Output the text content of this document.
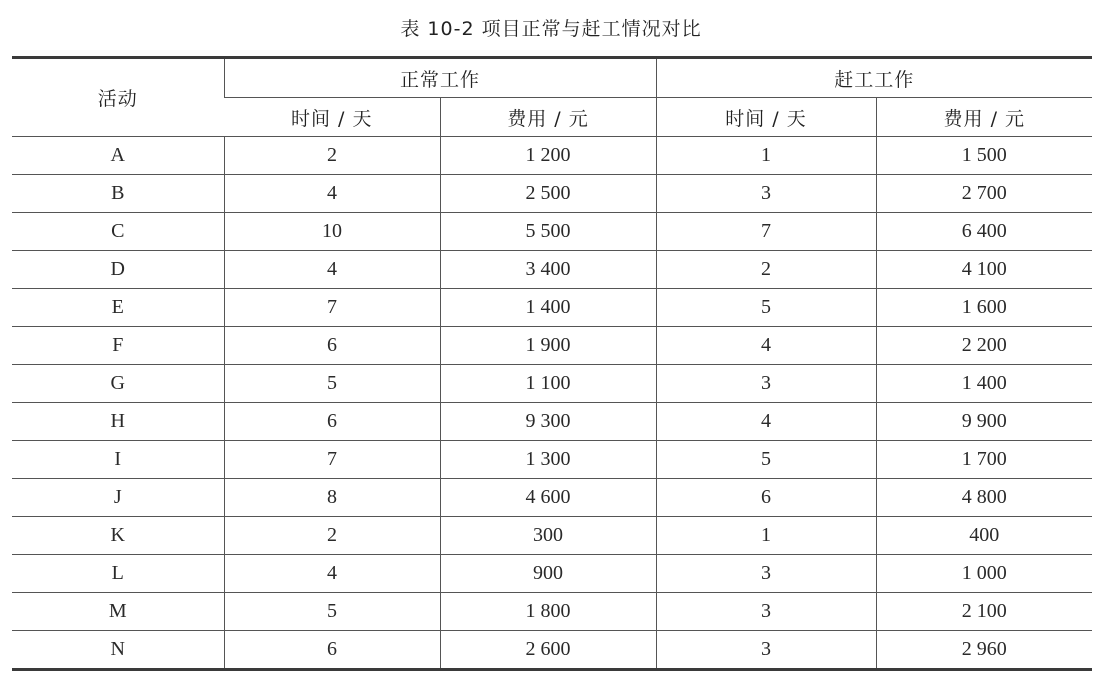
表 10-2 项目正常与赶工情况对比
活动	正常工作		赶工工作	
	时间 / 天	费用 / 元	时间 / 天	费用 / 元
A	2	1 200	1	1 500
B	4	2 500	3	2 700
C	10	5 500	7	6 400
D	4	3 400	2	4 100
E	7	1 400	5	1 600
F	6	1 900	4	2 200
G	5	1 100	3	1 400
H	6	9 300	4	9 900
I	7	1 300	5	1 700
J	8	4 600	6	4 800
K	2	300	1	400
L	4	900	3	1 000
M	5	1 800	3	2 100
N	6	2 600	3	2 960
